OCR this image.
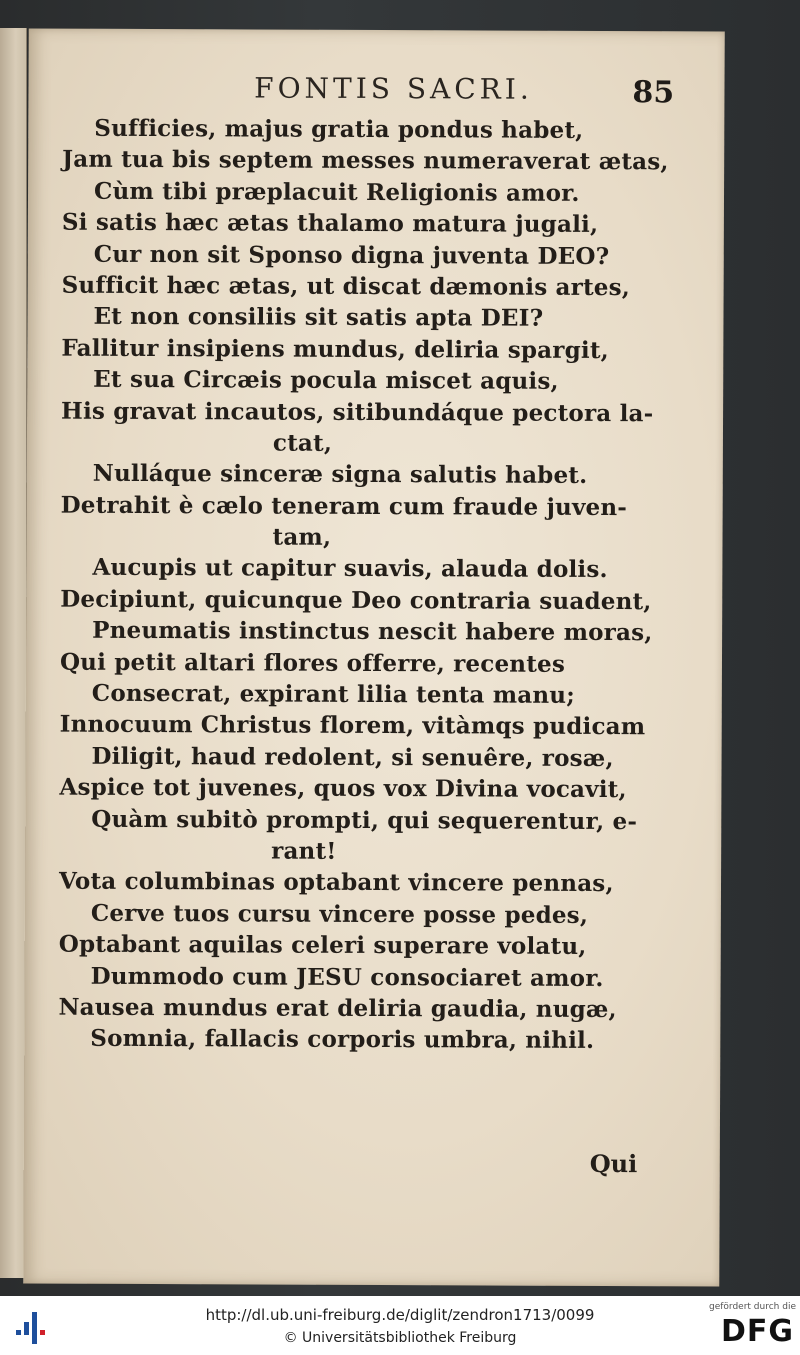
FONTIS SACRI.	85
Sufficies, majus gratia pondus habet,
Jam tua bis septem messes numeraverat ætas,
Cùm tibi præplacuit Religionis amor.
Si satis hæc ætas thalamo matura jugali,
Cur non sit Sponso digna juventa DEO?
Sufficit hæc ætas, ut discat dæmonis artes,
Et non consiliis sit satis apta DEI?
Fallitur insipiens mundus, deliria spargit,
Et sua Circæis pocula miscet aquis,
His gravat incautos, sitibundáque pectora la-
ctat,
Nulláque sinceræ signa salutis habet.
Detrahit è cælo teneram cum fraude juven-
tam,
Aucupis ut capitur suavis, alauda dolis.
Decipiunt, quicunque Deo contraria suadent,
Pneumatis instinctus nescit habere moras,
Qui petit altari flores offerre, recentes
Consecrat, expirant lilia tenta manu;
Innocuum Christus florem, vitàmqs pudicam
Diligit, haud redolent, si senuêre, rosæ,
Aspice tot juvenes, quos vox Divina vocavit,
Quàm subitò prompti, qui sequerentur, e-
rant!
Vota columbinas optabant vincere pennas,
Cerve tuos cursu vincere posse pedes,
Optabant aquilas celeri superare volatu,
Dummodo cum JESU consociaret amor.
Nausea mundus erat deliria gaudia, nugæ,
Somnia, fallacis corporis umbra, nihil.
Qui
http://dl.ub.uni-freiburg.de/diglit/zendron1713/0099
© Universitätsbibliothek Freiburg
gefördert durch die
DFG
